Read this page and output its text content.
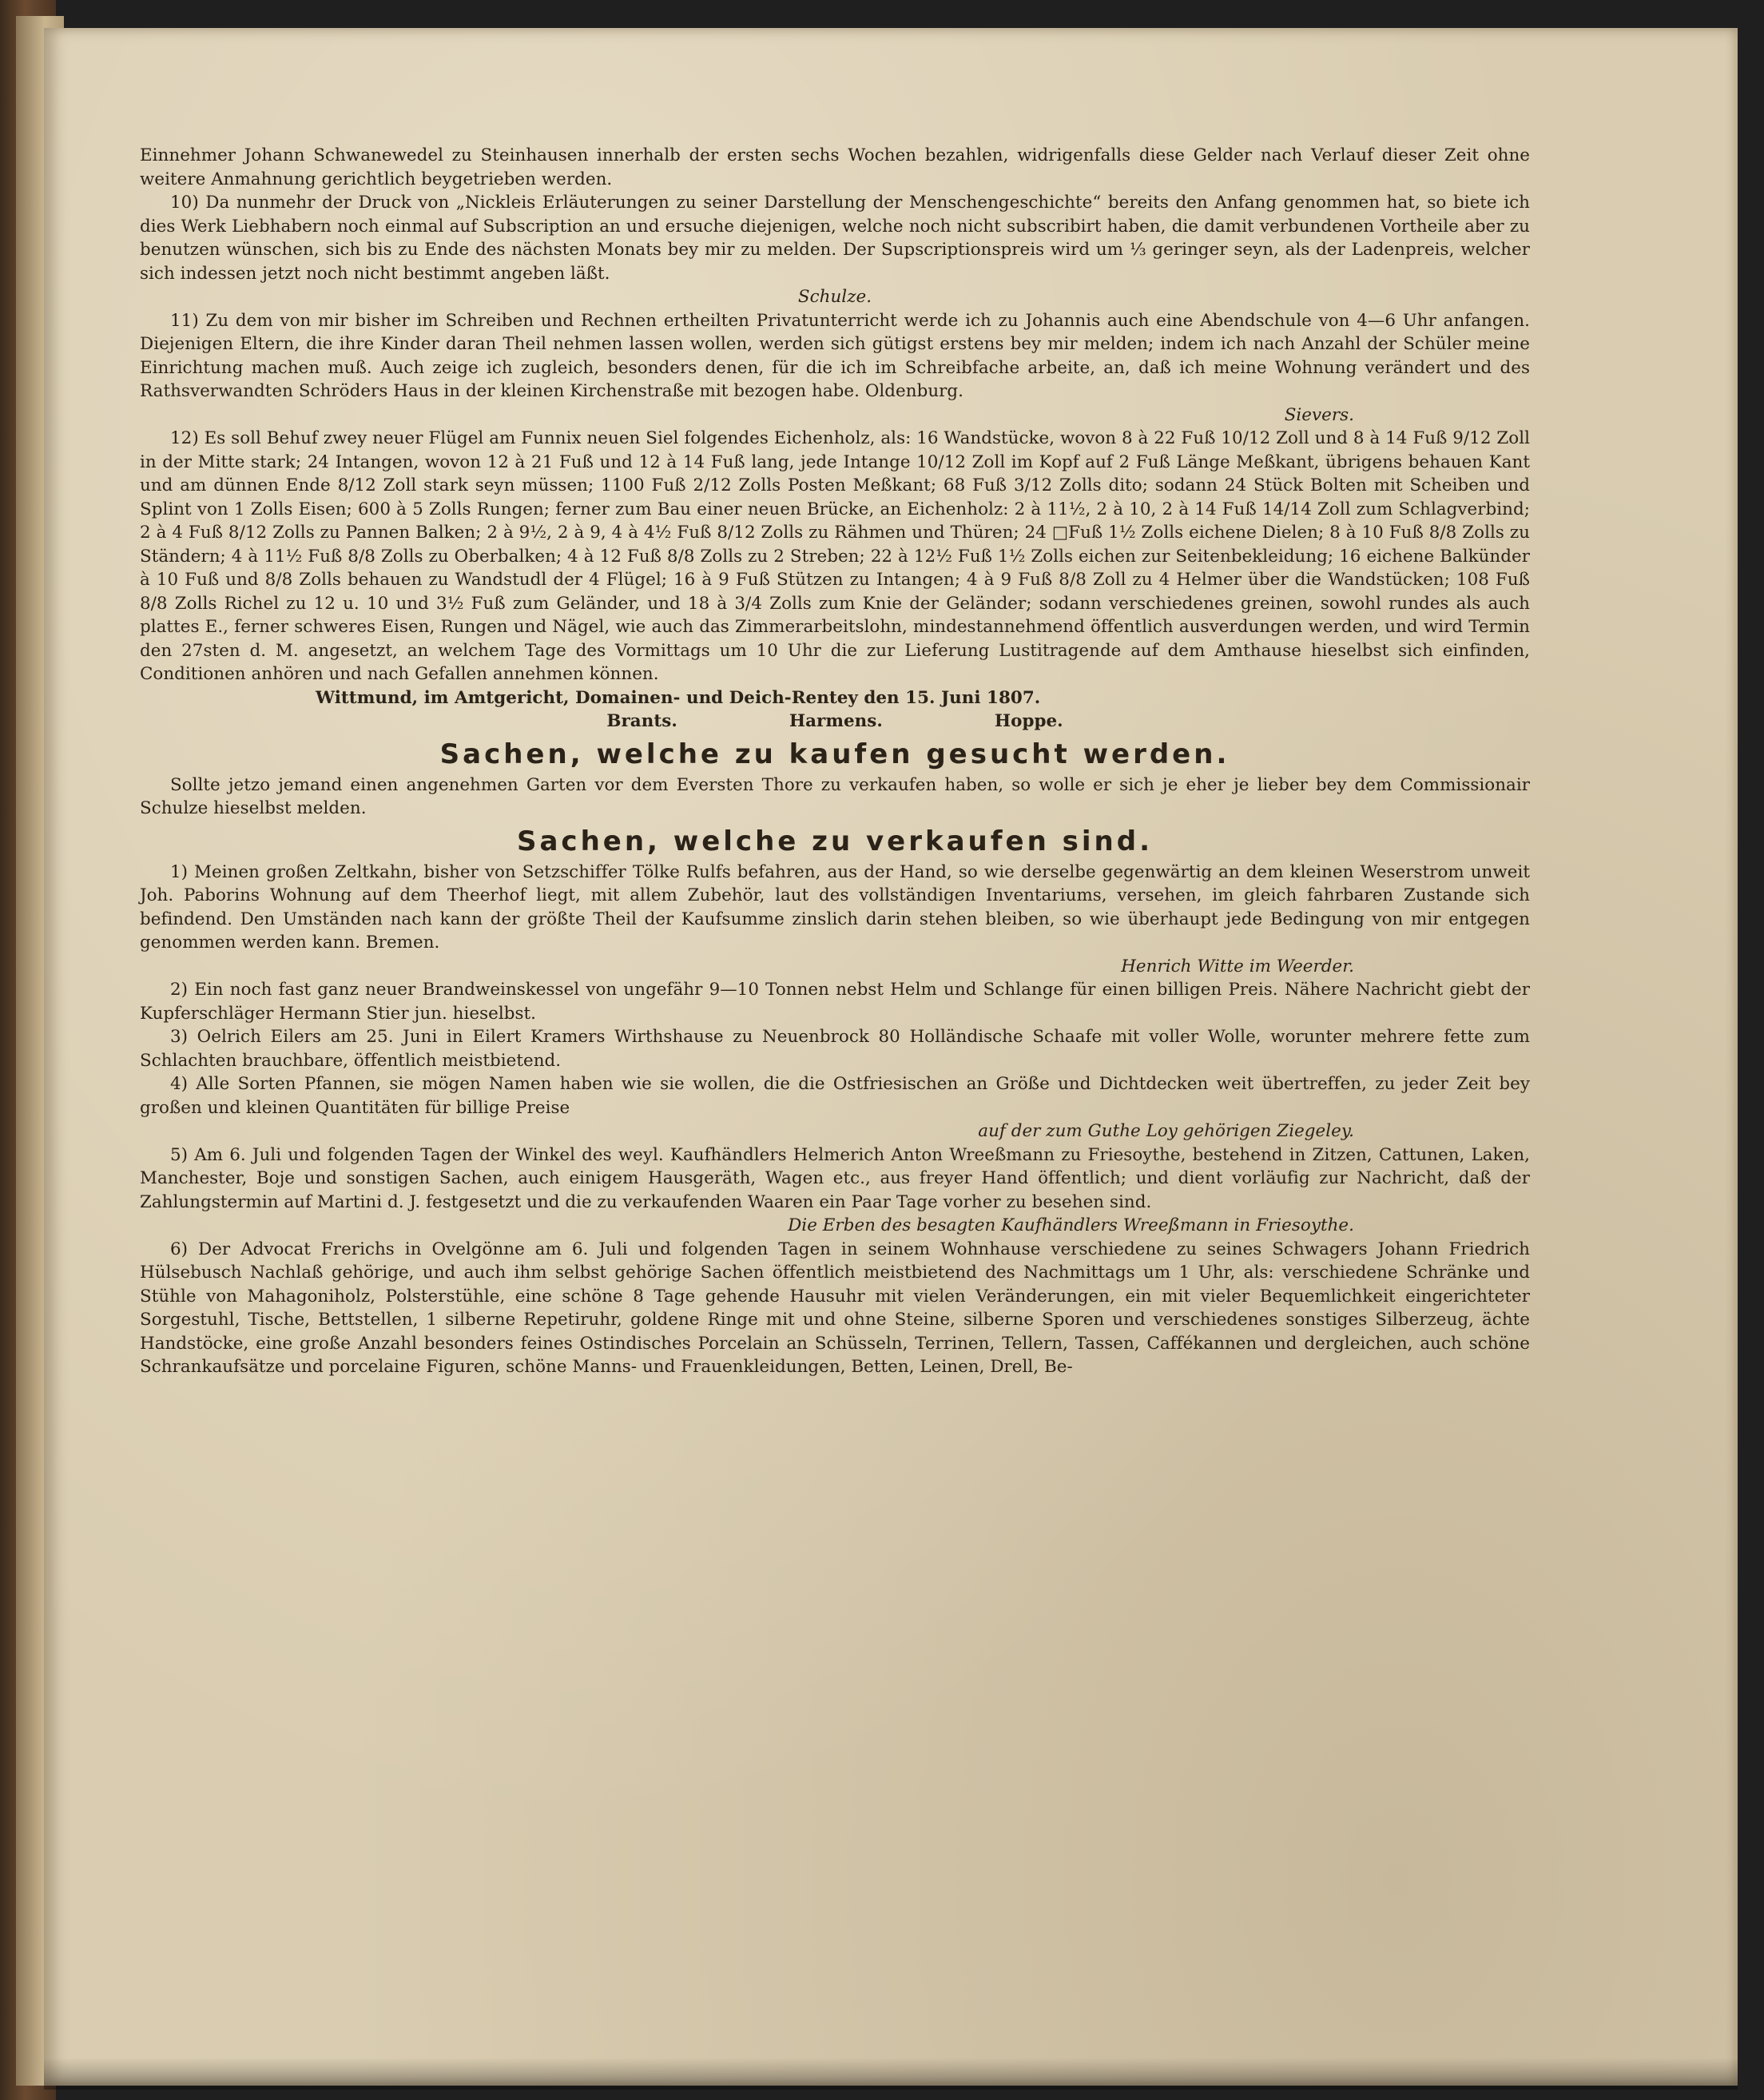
Einnehmer Johann Schwanewedel zu Steinhausen innerhalb der ersten sechs Wochen bezahlen, widrigenfalls diese Gelder nach Verlauf dieser Zeit ohne weitere Anmahnung gerichtlich beygetrieben werden.

10) Da nunmehr der Druck von „Nickleis Erläuterungen zu seiner Darstellung der Menschengeschichte“ bereits den Anfang genommen hat, so biete ich dies Werk Liebhabern noch einmal auf Subscription an und ersuche diejenigen, welche noch nicht subscribirt haben, die damit verbundenen Vortheile aber zu benutzen wünschen, sich bis zu Ende des nächsten Monats bey mir zu melden. Der Supscriptionspreis wird um ⅓ geringer seyn, als der Ladenpreis, welcher sich indessen jetzt noch nicht bestimmt angeben läßt.

Schulze.

11) Zu dem von mir bisher im Schreiben und Rechnen ertheilten Privatunterricht werde ich zu Johannis auch eine Abendschule von 4—6 Uhr anfangen. Diejenigen Eltern, die ihre Kinder daran Theil nehmen lassen wollen, werden sich gütigst erstens bey mir melden; indem ich nach Anzahl der Schüler meine Einrichtung machen muß. Auch zeige ich zugleich, besonders denen, für die ich im Schreibfache arbeite, an, daß ich meine Wohnung verändert und des Rathsverwandten Schröders Haus in der kleinen Kirchenstraße mit bezogen habe. Oldenburg.

Sievers.

12) Es soll Behuf zwey neuer Flügel am Funnix neuen Siel folgendes Eichenholz, als: 16 Wandstücke, wovon 8 à 22 Fuß 10/12 Zoll und 8 à 14 Fuß 9/12 Zoll in der Mitte stark; 24 Intangen, wovon 12 à 21 Fuß und 12 à 14 Fuß lang, jede Intange 10/12 Zoll im Kopf auf 2 Fuß Länge Meßkant, übrigens behauen Kant und am dünnen Ende 8/12 Zoll stark seyn müssen; 1100 Fuß 2/12 Zolls Posten Meßkant; 68 Fuß 3/12 Zolls dito; sodann 24 Stück Bolten mit Scheiben und Splint von 1 Zolls Eisen; 600 à 5 Zolls Rungen; ferner zum Bau einer neuen Brücke, an Eichenholz: 2 à 11½, 2 à 10, 2 à 14 Fuß 14/14 Zoll zum Schlagverbind; 2 à 4 Fuß 8/12 Zolls zu Pannen Balken; 2 à 9½, 2 à 9, 4 à 4½ Fuß 8/12 Zolls zu Rähmen und Thüren; 24 □Fuß 1½ Zolls eichene Dielen; 8 à 10 Fuß 8/8 Zolls zu Ständern; 4 à 11½ Fuß 8/8 Zolls zu Oberbalken; 4 à 12 Fuß 8/8 Zolls zu 2 Streben; 22 à 12½ Fuß 1½ Zolls eichen zur Seitenbekleidung; 16 eichene Balkünder à 10 Fuß und 8/8 Zolls behauen zu Wandstudl der 4 Flügel; 16 à 9 Fuß Stützen zu Intangen; 4 à 9 Fuß 8/8 Zoll zu 4 Helmer über die Wandstücken; 108 Fuß 8/8 Zolls Richel zu 12 u. 10 und 3½ Fuß zum Geländer, und 18 à 3/4 Zolls zum Knie der Geländer; sodann verschiedenes greinen, sowohl rundes als auch plattes E., ferner schweres Eisen, Rungen und Nägel, wie auch das Zimmerarbeitslohn, mindestannehmend öffentlich ausverdungen werden, und wird Termin den 27sten d. M. angesetzt, an welchem Tage des Vormittags um 10 Uhr die zur Lieferung Lustitragende auf dem Amthause hieselbst sich einfinden, Conditionen anhören und nach Gefallen annehmen können.

Wittmund, im Amtgericht, Domainen- und Deich-Rentey den 15. Juni 1807.

Brants.	Harmens.	Hoppe.
Sachen, welche zu kaufen gesucht werden.

Sollte jetzo jemand einen angenehmen Garten vor dem Eversten Thore zu verkaufen haben, so wolle er sich je eher je lieber bey dem Commissionair Schulze hieselbst melden.

Sachen, welche zu verkaufen sind.

1) Meinen großen Zeltkahn, bisher von Setzschiffer Tölke Rulfs befahren, aus der Hand, so wie derselbe gegenwärtig an dem kleinen Weserstrom unweit Joh. Paborins Wohnung auf dem Theerhof liegt, mit allem Zubehör, laut des vollständigen Inventariums, versehen, im gleich fahrbaren Zustande sich befindend. Den Umständen nach kann der größte Theil der Kaufsumme zinslich darin stehen bleiben, so wie überhaupt jede Bedingung von mir entgegen genommen werden kann. Bremen.

Henrich Witte im Weerder.

2) Ein noch fast ganz neuer Brandweinskessel von ungefähr 9—10 Tonnen nebst Helm und Schlange für einen billigen Preis. Nähere Nachricht giebt der Kupferschläger Hermann Stier jun. hieselbst.

3) Oelrich Eilers am 25. Juni in Eilert Kramers Wirthshause zu Neuenbrock 80 Holländische Schaafe mit voller Wolle, worunter mehrere fette zum Schlachten brauchbare, öffentlich meistbietend.

4) Alle Sorten Pfannen, sie mögen Namen haben wie sie wollen, die die Ostfriesischen an Größe und Dichtdecken weit übertreffen, zu jeder Zeit bey großen und kleinen Quantitäten für billige Preise

auf der zum Guthe Loy gehörigen Ziegeley.

5) Am 6. Juli und folgenden Tagen der Winkel des weyl. Kaufhändlers Helmerich Anton Wreeßmann zu Friesoythe, bestehend in Zitzen, Cattunen, Laken, Manchester, Boje und sonstigen Sachen, auch einigem Hausgeräth, Wagen etc., aus freyer Hand öffentlich; und dient vorläufig zur Nachricht, daß der Zahlungstermin auf Martini d. J. festgesetzt und die zu verkaufenden Waaren ein Paar Tage vorher zu besehen sind.

Die Erben des besagten Kaufhändlers Wreeßmann in Friesoythe.

6) Der Advocat Frerichs in Ovelgönne am 6. Juli und folgenden Tagen in seinem Wohnhause verschiedene zu seines Schwagers Johann Friedrich Hülsebusch Nachlaß gehörige, und auch ihm selbst gehörige Sachen öffentlich meistbietend des Nachmittags um 1 Uhr, als: verschiedene Schränke und Stühle von Mahagoniholz, Polsterstühle, eine schöne 8 Tage gehende Hausuhr mit vielen Veränderungen, ein mit vieler Bequemlichkeit eingerichteter Sorgestuhl, Tische, Bettstellen, 1 silberne Repetiruhr, goldene Ringe mit und ohne Steine, silberne Sporen und verschiedenes sonstiges Silberzeug, ächte Handstöcke, eine große Anzahl besonders feines Ostindisches Porcelain an Schüsseln, Terrinen, Tellern, Tassen, Caffékannen und dergleichen, auch schöne Schrankaufsätze und porcelaine Figuren, schöne Manns- und Frauenkleidungen, Betten, Leinen, Drell, Be-
